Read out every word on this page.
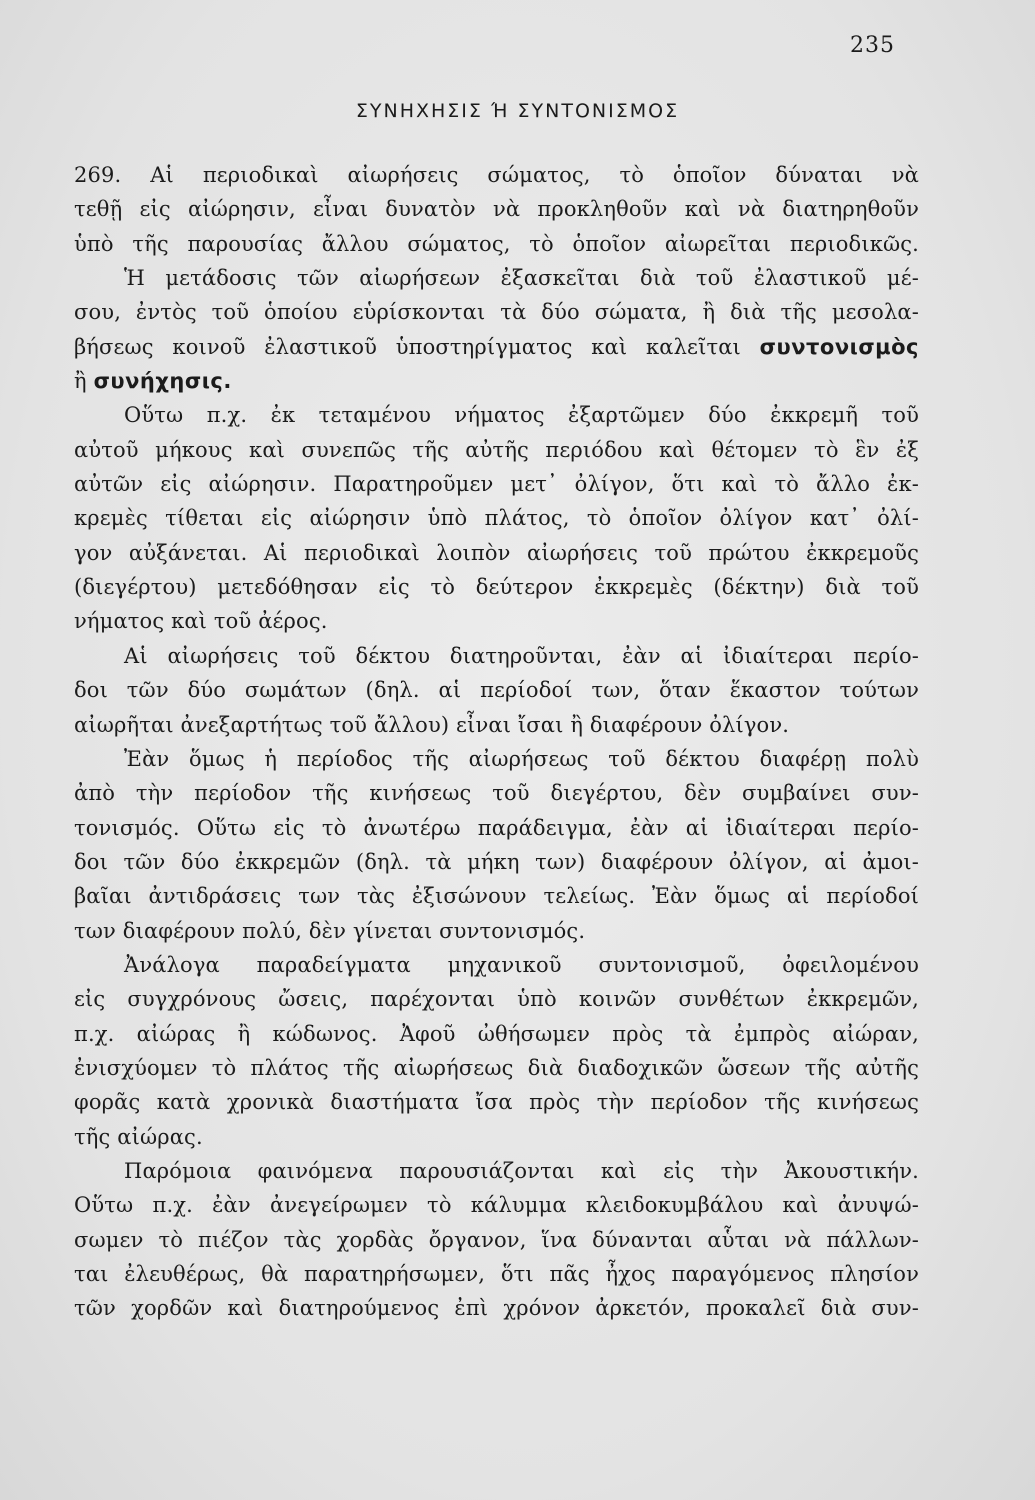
235
ΣΥΝΗΧΗΣΙΣ Ή ΣΥΝΤΟΝΙΣΜΟΣ
269. Αἱ περιοδικαὶ αἰωρήσεις σώματος, τὸ ὁποῖον δύναται νὰ
τεθῇ εἰς αἰώρησιν, εἶναι δυνατὸν νὰ προκληθοῦν καὶ νὰ διατηρηθοῦν
ὑπὸ τῆς παρουσίας ἄλλου σώματος, τὸ ὁποῖον αἰωρεῖται περιοδικῶς.
Ἡ μετάδοσις τῶν αἰωρήσεων ἐξασκεῖται διὰ τοῦ ἐλαστικοῦ μέ-
σου, ἐντὸς τοῦ ὁποίου εὑρίσκονται τὰ δύο σώματα, ἢ διὰ τῆς μεσολα-
βήσεως κοινοῦ ἐλαστικοῦ ὑποστηρίγματος καὶ καλεῖται συντονισμὸς
ἢ συνήχησις.
Οὕτω π.χ. ἐκ τεταμένου νήματος ἐξαρτῶμεν δύο ἐκκρεμῆ τοῦ
αὐτοῦ μήκους καὶ συνεπῶς τῆς αὐτῆς περιόδου καὶ θέτομεν τὸ ἓν ἐξ
αὐτῶν εἰς αἰώρησιν. Παρατηροῦμεν μετ᾿ ὀλίγον, ὅτι καὶ τὸ ἄλλο ἐκ-
κρεμὲς τίθεται εἰς αἰώρησιν ὑπὸ πλάτος, τὸ ὁποῖον ὀλίγον κατ᾿ ὀλί-
γον αὐξάνεται. Αἱ περιοδικαὶ λοιπὸν αἰωρήσεις τοῦ πρώτου ἐκκρεμοῦς
(διεγέρτου) μετεδόθησαν εἰς τὸ δεύτερον ἐκκρεμὲς (δέκτην) διὰ τοῦ
νήματος καὶ τοῦ ἀέρος.
Αἱ αἰωρήσεις τοῦ δέκτου διατηροῦνται, ἐὰν αἱ ἰδιαίτεραι περίο-
δοι τῶν δύο σωμάτων (δηλ. αἱ περίοδοί των, ὅταν ἕκαστον τούτων
αἰωρῆται ἀνεξαρτήτως τοῦ ἄλλου) εἶναι ἴσαι ἢ διαφέρουν ὀλίγον.
Ἐὰν ὅμως ἡ περίοδος τῆς αἰωρήσεως τοῦ δέκτου διαφέρῃ πολὺ
ἀπὸ τὴν περίοδον τῆς κινήσεως τοῦ διεγέρτου, δὲν συμβαίνει συν-
τονισμός. Οὕτω εἰς τὸ ἀνωτέρω παράδειγμα, ἐὰν αἱ ἰδιαίτεραι περίο-
δοι τῶν δύο ἐκκρεμῶν (δηλ. τὰ μήκη των) διαφέρουν ὀλίγον, αἱ ἀμοι-
βαῖαι ἀντιδράσεις των τὰς ἐξισώνουν τελείως. Ἐὰν ὅμως αἱ περίοδοί
των διαφέρουν πολύ, δὲν γίνεται συντονισμός.
Ἀνάλογα παραδείγματα μηχανικοῦ συντονισμοῦ, ὀφειλομένου
εἰς συγχρόνους ὤσεις, παρέχονται ὑπὸ κοινῶν συνθέτων ἐκκρεμῶν,
π.χ. αἰώρας ἢ κώδωνος. Ἀφοῦ ὠθήσωμεν πρὸς τὰ ἐμπρὸς αἰώραν,
ἐνισχύομεν τὸ πλάτος τῆς αἰωρήσεως διὰ διαδοχικῶν ὤσεων τῆς αὐτῆς
φορᾶς κατὰ χρονικὰ διαστήματα ἴσα πρὸς τὴν περίοδον τῆς κινήσεως
τῆς αἰώρας.
Παρόμοια φαινόμενα παρουσιάζονται καὶ εἰς τὴν Ἀκουστικήν.
Οὕτω π.χ. ἐὰν ἀνεγείρωμεν τὸ κάλυμμα κλειδοκυμβάλου καὶ ἀνυψώ-
σωμεν τὸ πιέζον τὰς χορδὰς ὄργανον, ἵνα δύνανται αὗται νὰ πάλλων-
ται ἐλευθέρως, θὰ παρατηρήσωμεν, ὅτι πᾶς ἦχος παραγόμενος πλησίον
τῶν χορδῶν καὶ διατηρούμενος ἐπὶ χρόνον ἀρκετόν, προκαλεῖ διὰ συν-
